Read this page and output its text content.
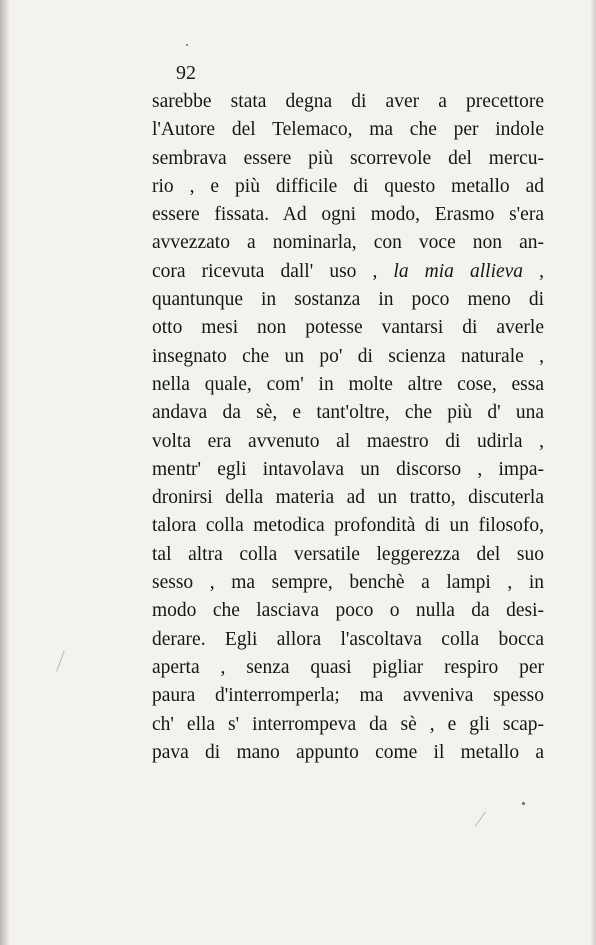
92
sarebbe stata degna di aver a precettore
l'Autore del Telemaco, ma che per indole
sembrava essere più scorrevole del mercu-
rio , e più difficile di questo metallo ad
essere fissata. Ad ogni modo, Erasmo s'era
avvezzato a nominarla, con voce non an-
cora ricevuta dall' uso , la mia allieva ,
quantunque in sostanza in poco meno di
otto mesi non potesse vantarsi di averle
insegnato che un po' di scienza naturale ,
nella quale, com' in molte altre cose, essa
andava da sè, e tant'oltre, che più d' una
volta era avvenuto al maestro di udirla ,
mentr' egli intavolava un discorso , impa-
dronirsi della materia ad un tratto, discuterla
talora colla metodica profondità di un filosofo,
tal altra colla versatile leggerezza del suo
sesso , ma sempre, benchè a lampi , in
modo che lasciava poco o nulla da desi-
derare. Egli allora l'ascoltava colla bocca
aperta , senza quasi pigliar respiro per
paura d'interromperla; ma avveniva spesso
ch' ella s' interrompeva da sè , e gli scap-
pava di mano appunto come il metallo a
